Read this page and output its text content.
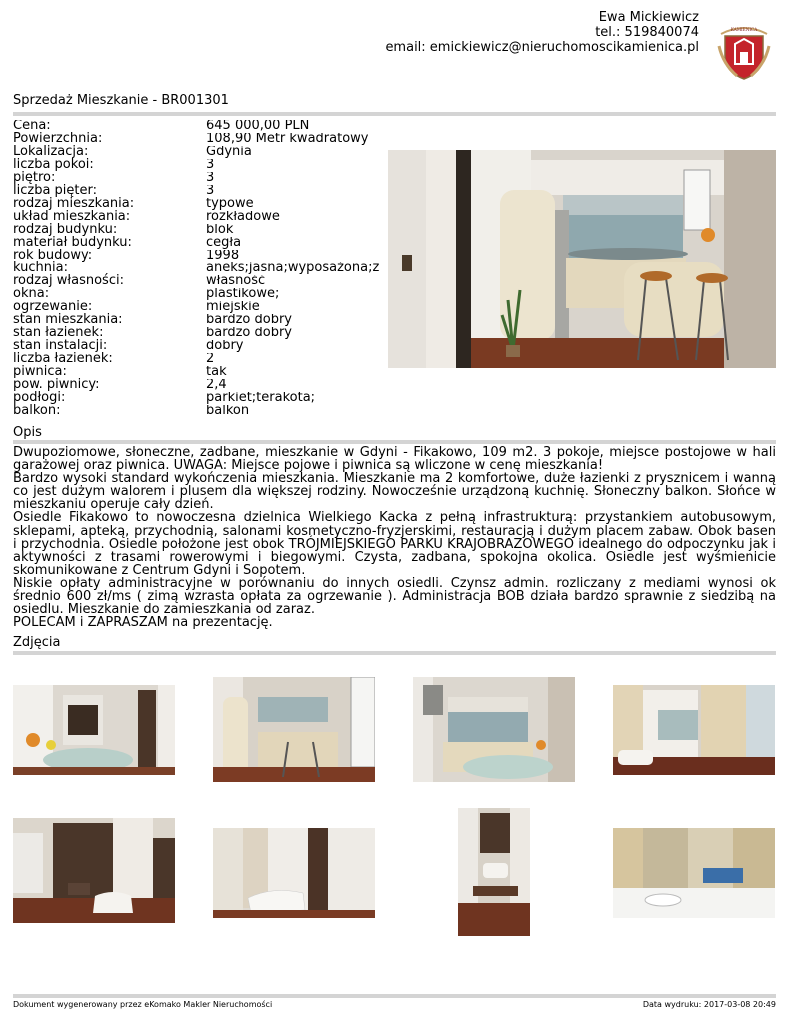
Ewa Mickiewicz
tel.: 519840074
email: emickiewicz@nieruchomoscikamienica.pl
KAMIENICA
Sprzedaż Mieszkanie - BR001301
Cena:	645 000,00 PLN
Powierzchnia:	108,90 Metr kwadratowy
Lokalizacja:	Gdynia
liczba pokoi:	3
piętro:	3
liczba pięter:	3
rodzaj mieszkania:	typowe
układ mieszkania:	rozkładowe
rodzaj budynku:	blok
materiał budynku:	cegła
rok budowy:	1998
kuchnia:	aneks;jasna;wyposażona;z
rodzaj własności:	własność
okna:	plastikowe;
ogrzewanie:	miejskie
stan mieszkania:	bardzo dobry
stan łazienek:	bardzo dobry
stan instalacji:	dobry
liczba łazienek:	2
piwnica:	tak
pow. piwnicy:	2,4
podłogi:	parkiet;terakota;
balkon:	balkon
Opis

Dwupoziomowe, słoneczne, zadbane, mieszkanie w Gdyni - Fikakowo, 109 m2. 3 pokoje, miejsce postojowe w hali garażowej oraz piwnica. UWAGA: Miejsce pojowe i piwnica są wliczone w cenę mieszkania!

Bardzo wysoki standard wykończenia mieszkania. Mieszkanie ma 2 komfortowe, duże łazienki z prysznicem i wanną co jest dużym walorem i plusem dla większej rodziny. Nowocześnie urządzoną kuchnię. Słoneczny balkon. Słońce w mieszkaniu operuje cały dzień.

Osiedle Fikakowo to nowoczesna dzielnica Wielkiego Kacka z pełną infrastrukturą: przystankiem autobusowym, sklepami, apteką, przychodnią, salonami kosmetyczno-fryzjerskimi, restauracją i dużym placem zabaw. Obok basen i przychodnia. Osiedle położone jest obok TRÓJMIEJSKIEGO PARKU KRAJOBRAZOWEGO idealnego do odpoczynku jak i aktywności z trasami rowerowymi i biegowymi. Czysta, zadbana, spokojna okolica. Osiedle jest wyśmienicie skomunikowane z Centrum Gdyni i Sopotem.

Niskie opłaty administracyjne w porównaniu do innych osiedli. Czynsz admin. rozliczany z mediami wynosi ok średnio 600 zł/ms ( zimą wzrasta opłata za ogrzewanie ). Administracja BOB działa bardzo sprawnie z siedzibą na osiedlu. Mieszkanie do zamieszkania od zaraz.

POLECAM i ZAPRASZAM na prezentację.

Zdjęcia
Dokument wygenerowany przez eKomako Makler Nieruchomości	Data wydruku: 2017-03-08 20:49
